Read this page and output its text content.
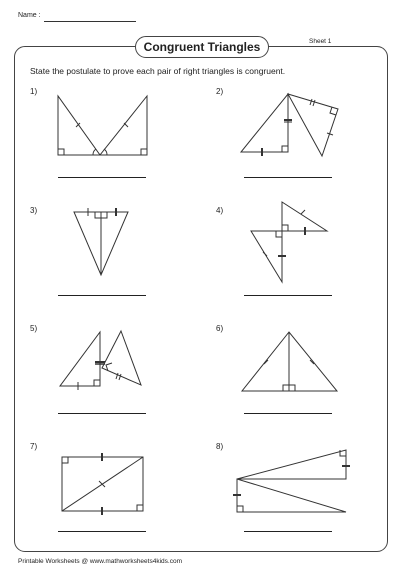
Name :
Congruent Triangles	Sheet 1
State the postulate to prove each pair of right triangles is congruent.
1)	2)
3)	4)
5)	6)
7)	8)
Printable Worksheets @ www.mathworksheets4kids.com
